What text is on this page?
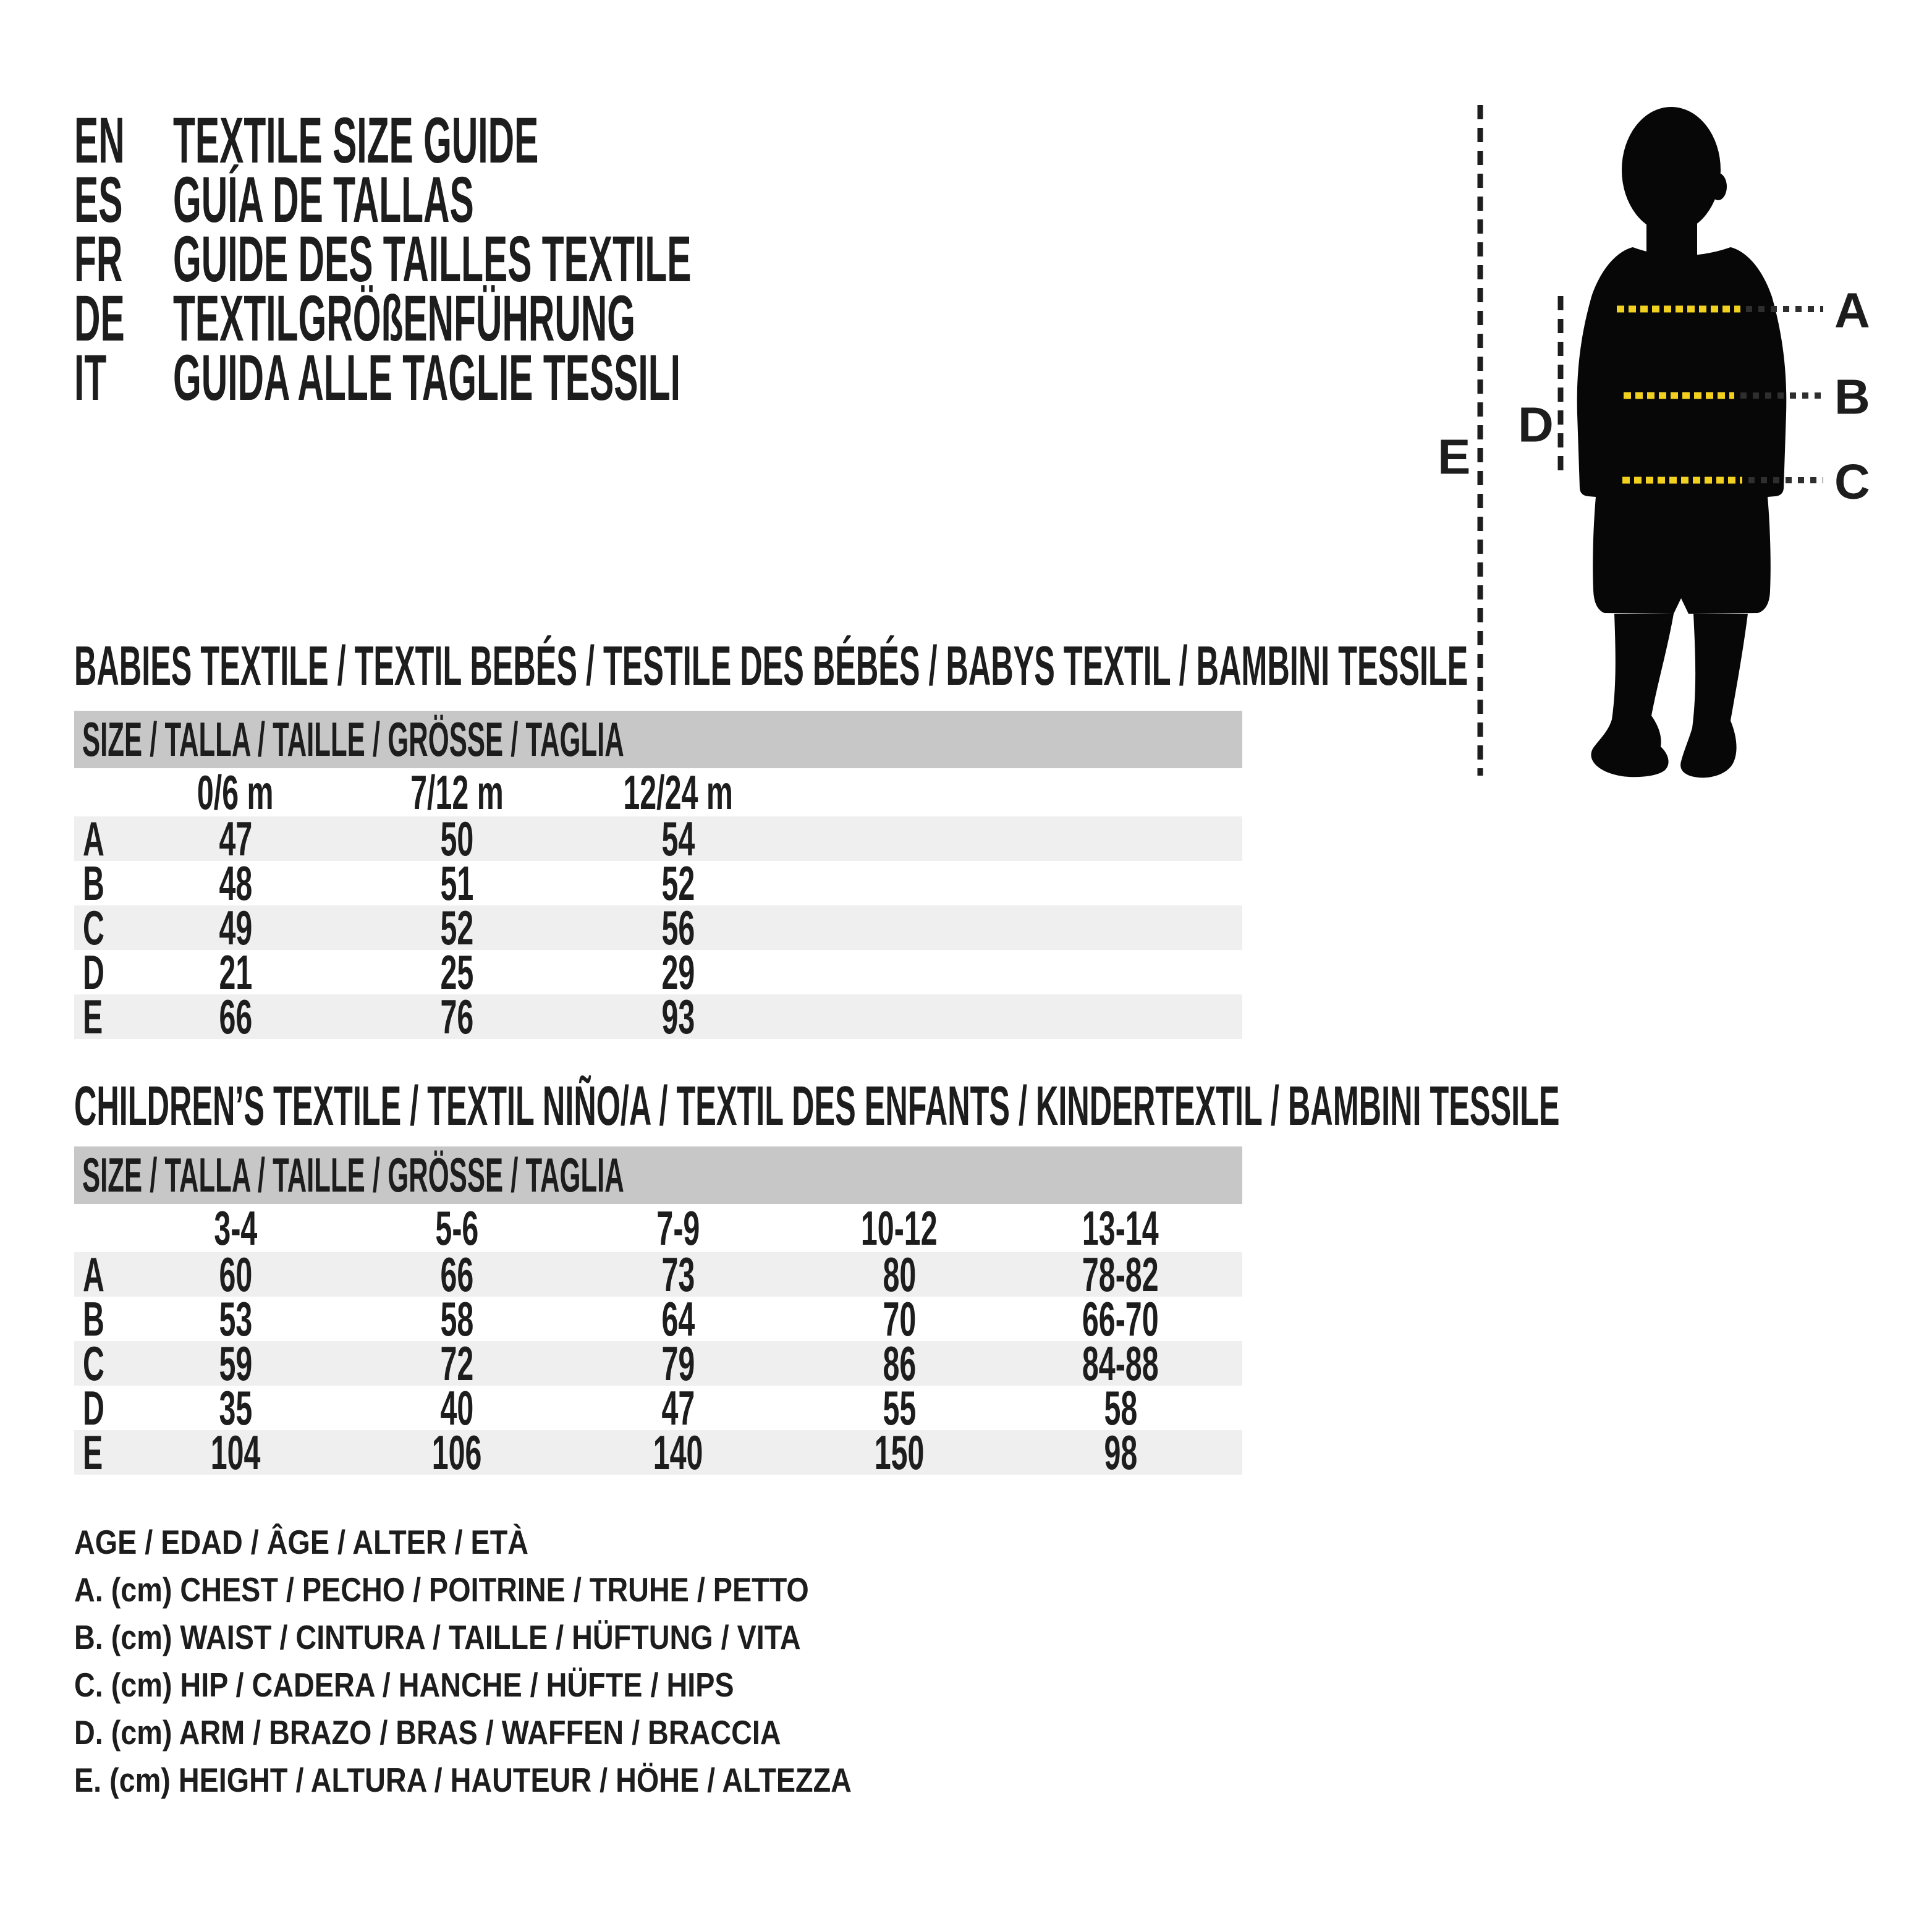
EN TEXTILE SIZE GUIDE
ES GUÍA DE TALLAS
FR GUIDE DES TAILLES TEXTILE
DE TEXTILGRÖßENFÜHRUNG
IT	GUIDA ALLE TAGLIE TESSILI
A
B
C
D
E
BABIES TEXTILE / TEXTIL BEBÉS / TESTILE DES BÉBÉS / BABYS TEXTIL / BAMBINI TESSILE
SIZE / TALLA / TAILLE / GRÖSSE / TAGLIA
0/6 m	7/12 m 12/24 m
A 47	50	54
B 48	51	52
C 49	52	56
D 21	25	29
E 66	76	93
CHILDREN’S TEXTILE / TEXTIL NIÑO/A / TEXTIL DES ENFANTS / KINDERTEXTIL / BAMBINI TESSILE
SIZE / TALLA / TAILLE / GRÖSSE / TAGLIA
3-4	5-6	7-9	10-12	13-14
A 60	66	73	80	78-82
B 53	58	64	70	66-70
C 59	72	79	86	84-88
D 35	40	47	55	58
E 104	106	140	150	98
AGE / EDAD / ÂGE / ALTER / ETÀ
A. (cm) CHEST / PECHO / POITRINE / TRUHE / PETTO
B. (cm) WAIST / CINTURA / TAILLE / HÜFTUNG / VITA
C. (cm) HIP / CADERA / HANCHE / HÜFTE / HIPS
D. (cm) ARM / BRAZO / BRAS / WAFFEN / BRACCIA
E. (cm) HEIGHT / ALTURA / HAUTEUR / HÖHE / ALTEZZA
